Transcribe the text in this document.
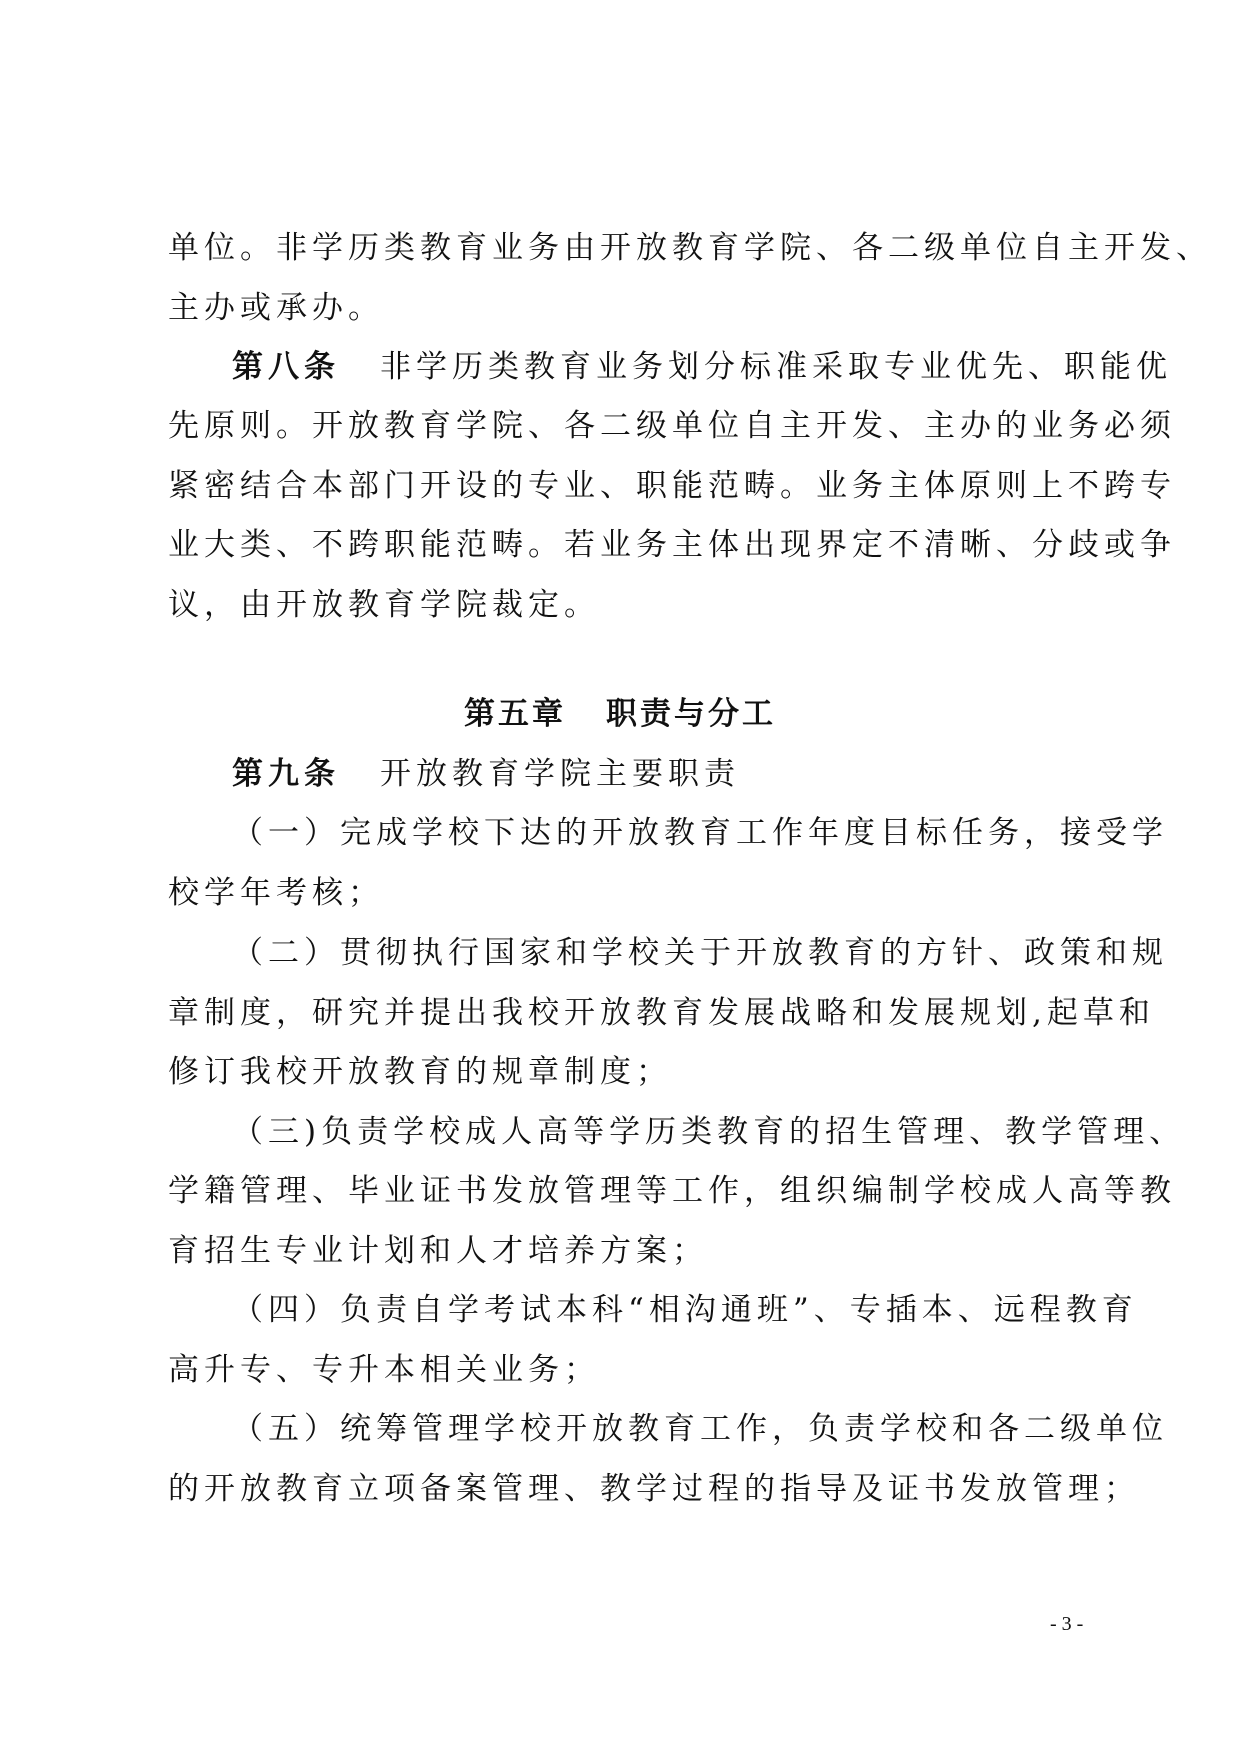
单位。非学历类教育业务由开放教育学院、各二级单位自主开发、
主办或承办。
第八条 非学历类教育业务划分标准采取专业优先、职能优
先原则。开放教育学院、各二级单位自主开发、主办的业务必须
紧密结合本部门开设的专业、职能范畴。业务主体原则上不跨专
业大类、不跨职能范畴。若业务主体出现界定不清晰、分歧或争
议，由开放教育学院裁定。
第五章 职责与分工
第九条 开放教育学院主要职责
（一）完成学校下达的开放教育工作年度目标任务，接受学
校学年考核；
（二）贯彻执行国家和学校关于开放教育的方针、政策和规
章制度，研究并提出我校开放教育发展战略和发展规划,起草和
修订我校开放教育的规章制度；
（三)负责学校成人高等学历类教育的招生管理、教学管理、
学籍管理、毕业证书发放管理等工作，组织编制学校成人高等教
育招生专业计划和人才培养方案；
（四）负责自学考试本科“相沟通班”、专插本、远程教育
高升专、专升本相关业务；
（五）统筹管理学校开放教育工作，负责学校和各二级单位
的开放教育立项备案管理、教学过程的指导及证书发放管理；
- 3 -
